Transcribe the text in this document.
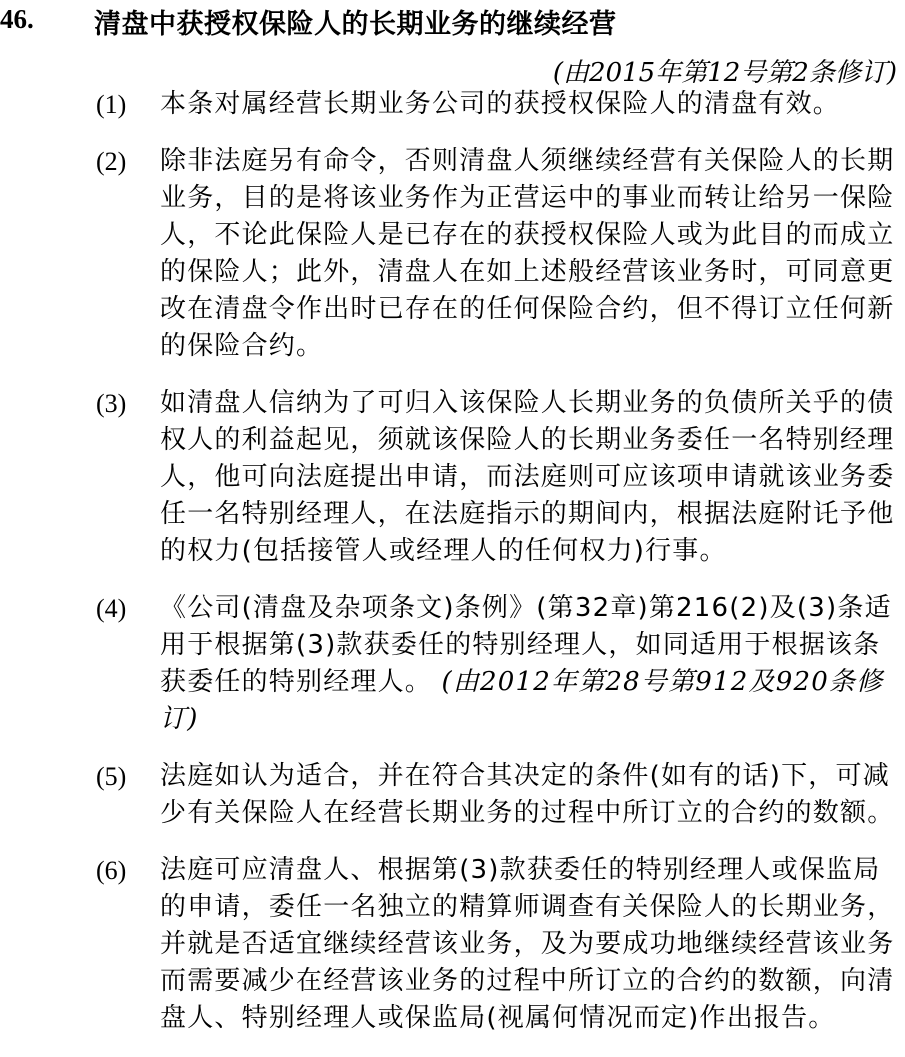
46. 清盘中获授权保险人的长期业务的继续经营
(由2015年第12号第2条修订)
(1) 本条对属经营长期业务公司的获授权保险人的清盘有效。
(2) 除非法庭另有命令，否则清盘人须继续经营有关保险人的长期业务，目的是将该业务作为正营运中的事业而转让给另一保险人，不论此保险人是已存在的获授权保险人或为此目的而成立的保险人；此外，清盘人在如上述般经营该业务时，可同意更改在清盘令作出时已存在的任何保险合约，但不得订立任何新的保险合约。
(3) 如清盘人信纳为了可归入该保险人长期业务的负债所关乎的债权人的利益起见，须就该保险人的长期业务委任一名特别经理人，他可向法庭提出申请，而法庭则可应该项申请就该业务委任一名特别经理人，在法庭指示的期间内，根据法庭附讬予他的权力(包括接管人或经理人的任何权力)行事。
(4) 《公司(清盘及杂项条文)条例》(第32章)第216(2)及(3)条适用于根据第(3)款获委任的特别经理人，如同适用于根据该条获委任的特别经理人。 (由2012年第28号第912及920条修订)
(5) 法庭如认为适合，并在符合其决定的条件(如有的话)下，可减少有关保险人在经营长期业务的过程中所订立的合约的数额。
(6) 法庭可应清盘人、根据第(3)款获委任的特别经理人或保监局的申请，委任一名独立的精算师调查有关保险人的长期业务，并就是否适宜继续经营该业务，及为要成功地继续经营该业务而需要减少在经营该业务的过程中所订立的合约的数额，向清盘人、特别经理人或保监局(视属何情况而定)作出报告。
